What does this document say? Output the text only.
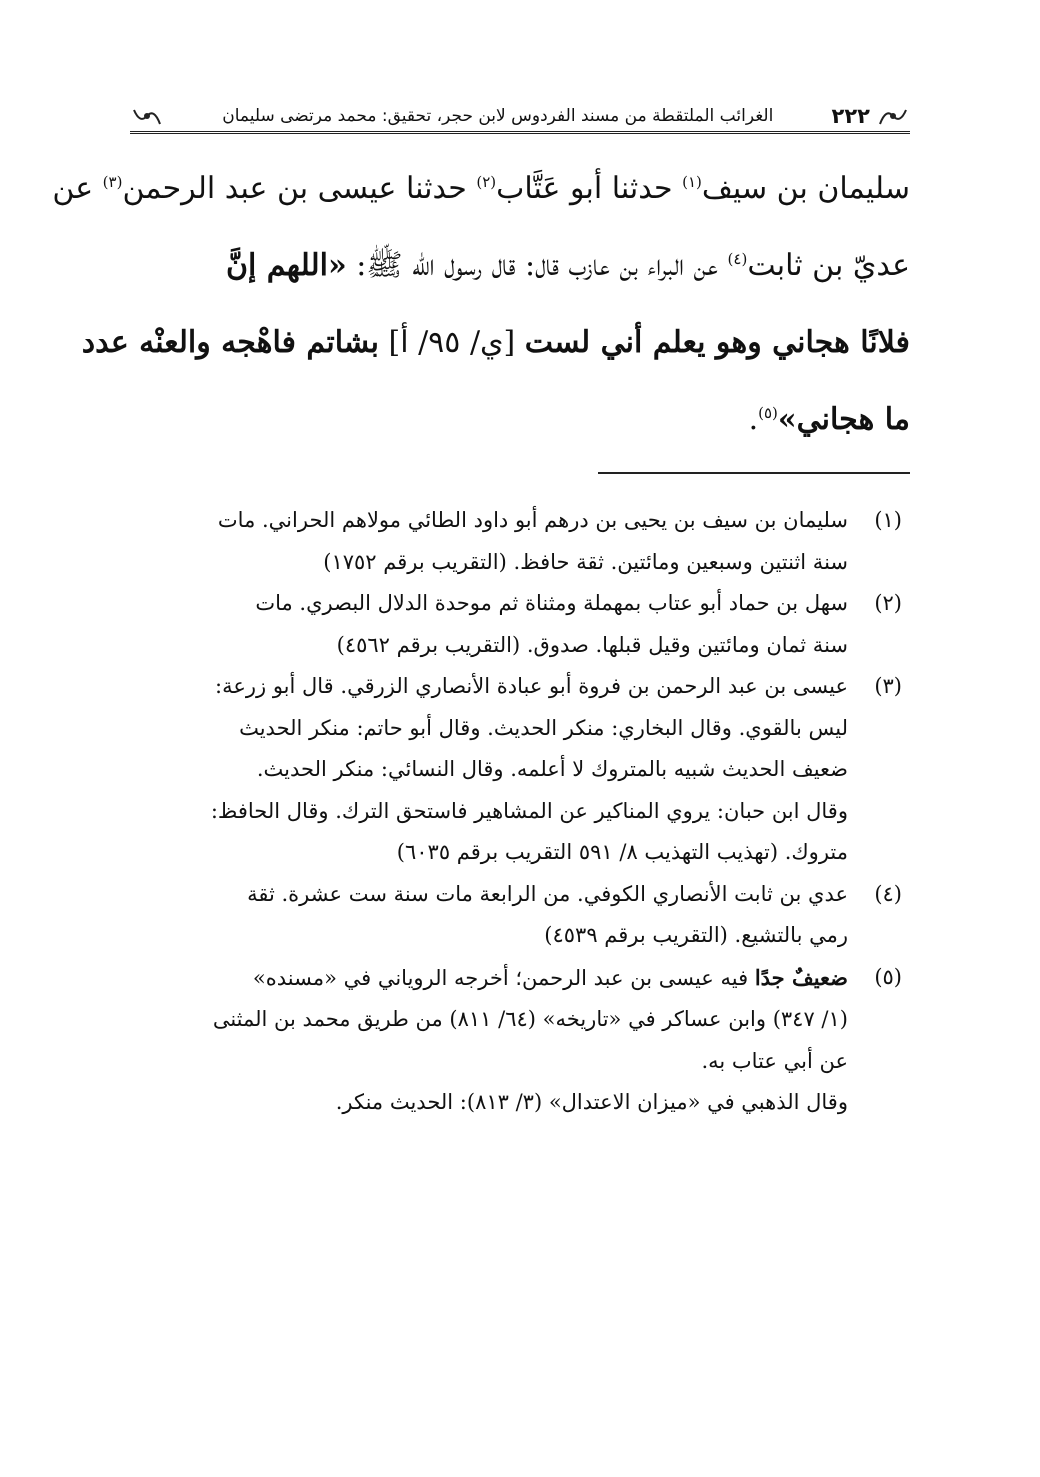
٢٢٢
الغرائب الملتقطة من مسند الفردوس لابن حجر، تحقيق: محمد مرتضى سليمان
سليمان بن سيف$^{(١)}$ حدثنا أبو عَتَّاب$^{(٢)}$ حدثنا عيسى بن عبد الرحمن$^{(٣)}$ عن
عديّ بن ثابت$^{(٤)}$ عن البراء بن عازب قال: قال رسول الله ﷺ: «اللهم إنَّ
فلانًا هجاني وهو يعلم أني لست [ي/ ٩٥/ أ] بشاتم فاهْجه والعنْه عدد
ما هجاني»$^{(٥)}$.
(١)
سليمان بن سيف بن يحيى بن درهم أبو داود الطائي مولاهم الحراني. مات
سنة اثنتين وسبعين ومائتين. ثقة حافظ. (التقريب برقم ١٧٥٢)
(٢)
سهل بن حماد أبو عتاب بمهملة ومثناة ثم موحدة الدلال البصري. مات
سنة ثمان ومائتين وقيل قبلها. صدوق. (التقريب برقم ٤٥٦٢)
(٣)
عيسى بن عبد الرحمن بن فروة أبو عبادة الأنصاري الزرقي. قال أبو زرعة:
ليس بالقوي. وقال البخاري: منكر الحديث. وقال أبو حاتم: منكر الحديث
ضعيف الحديث شبيه بالمتروك لا أعلمه. وقال النسائي: منكر الحديث.
وقال ابن حبان: يروي المناكير عن المشاهير فاستحق الترك. وقال الحافظ:
متروك. (تهذيب التهذيب ٨/ ٥٩١ التقريب برقم ٦٠٣٥)
(٤)
عدي بن ثابت الأنصاري الكوفي. من الرابعة مات سنة ست عشرة. ثقة
رمي بالتشيع. (التقريب برقم ٤٥٣٩)
(٥)
ضعيفٌ جدًا فيه عيسى بن عبد الرحمن؛ أخرجه الروياني في «مسنده»
(١/ ٣٤٧) وابن عساكر في «تاريخه» (٦٤/ ٨١١) من طريق محمد بن المثنى
عن أبي عتاب به.
وقال الذهبي في «ميزان الاعتدال» (٣/ ٨١٣): الحديث منكر.
